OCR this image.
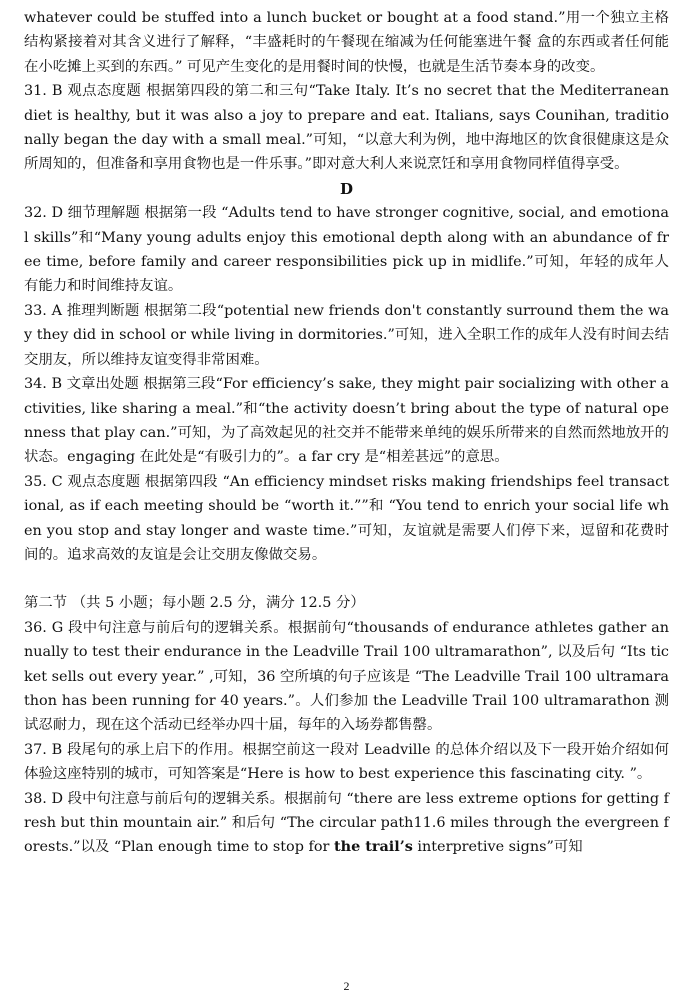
whatever could be stuffed into a lunch bucket or bought at a food stand.”用一个独立主格结构紧接着对其含义进行了解释，“丰盛耗时的午餐现在缩减为任何能塞进午餐 盒的东西或者任何能在小吃摊上买到的东西。” 可见产生变化的是用餐时间的快慢，也就是生活节奏本身的改变。

31. B 观点态度题 根据第四段的第二和三句“Take Italy. It’s no secret that the Mediterranean diet is healthy, but it was also a joy to prepare and eat. Italians, says Counihan, traditionally began the day with a small meal.”可知，“以意大利为例，地中海地区的饮食很健康这是众所周知的，但准备和享用食物也是一件乐事。”即对意大利人来说烹饪和享用食物同样值得享受。

D

32. D 细节理解题 根据第一段 “Adults tend to have stronger cognitive, social, and emotional skills”和“Many young adults enjoy this emotional depth along with an abundance of free time, before family and career responsibilities pick up in midlife.”可知，年轻的成年人有能力和时间维持友谊。

33. A 推理判断题 根据第二段“potential new friends don't constantly surround them the way they did in school or while living in dormitories.”可知，进入全职工作的成年人没有时间去结交朋友，所以维持友谊变得非常困难。

34. B 文章出处题 根据第三段“For efficiency’s sake, they might pair socializing with other activities, like sharing a meal.”和“the activity doesn’t bring about the type of natural openness that play can.”可知，为了高效起见的社交并不能带来单纯的娱乐所带来的自然而然地放开的状态。engaging 在此处是“有吸引力的”。a far cry 是“相差甚远”的意思。

35. C 观点态度题 根据第四段 “An efficiency mindset risks making friendships feel transactional, as if each meeting should be “worth it.””和 “You tend to enrich your social life when you stop and stay longer and waste time.”可知，友谊就是需要人们停下来，逗留和花费时间的。追求高效的友谊是会让交朋友像做交易。

第二节 （共 5 小题；每小题 2.5 分，满分 12.5 分）

36. G 段中句注意与前后句的逻辑关系。根据前句“thousands of endurance athletes gather annually to test their endurance in the Leadville Trail 100 ultramarathon”, 以及后句 “Its ticket sells out every year.” ,可知，36 空所填的句子应该是 “The Leadville Trail 100 ultramarathon has been running for 40 years.”。人们参加 the Leadville Trail 100 ultramarathon 测试忍耐力，现在这个活动已经举办四十届，每年的入场券都售罄。

37. B 段尾句的承上启下的作用。根据空前这一段对 Leadville 的总体介绍以及下一段开始介绍如何体验这座特别的城市，可知答案是“Here is how to best experience this fascinating city. ”。

38. D 段中句注意与前后句的逻辑关系。根据前句 “there are less extreme options for getting fresh but thin mountain air.” 和后句 “The circular path11.6 miles through the evergreen forests.”以及 “Plan enough time to stop for the trail’s interpretive signs”可知

2
